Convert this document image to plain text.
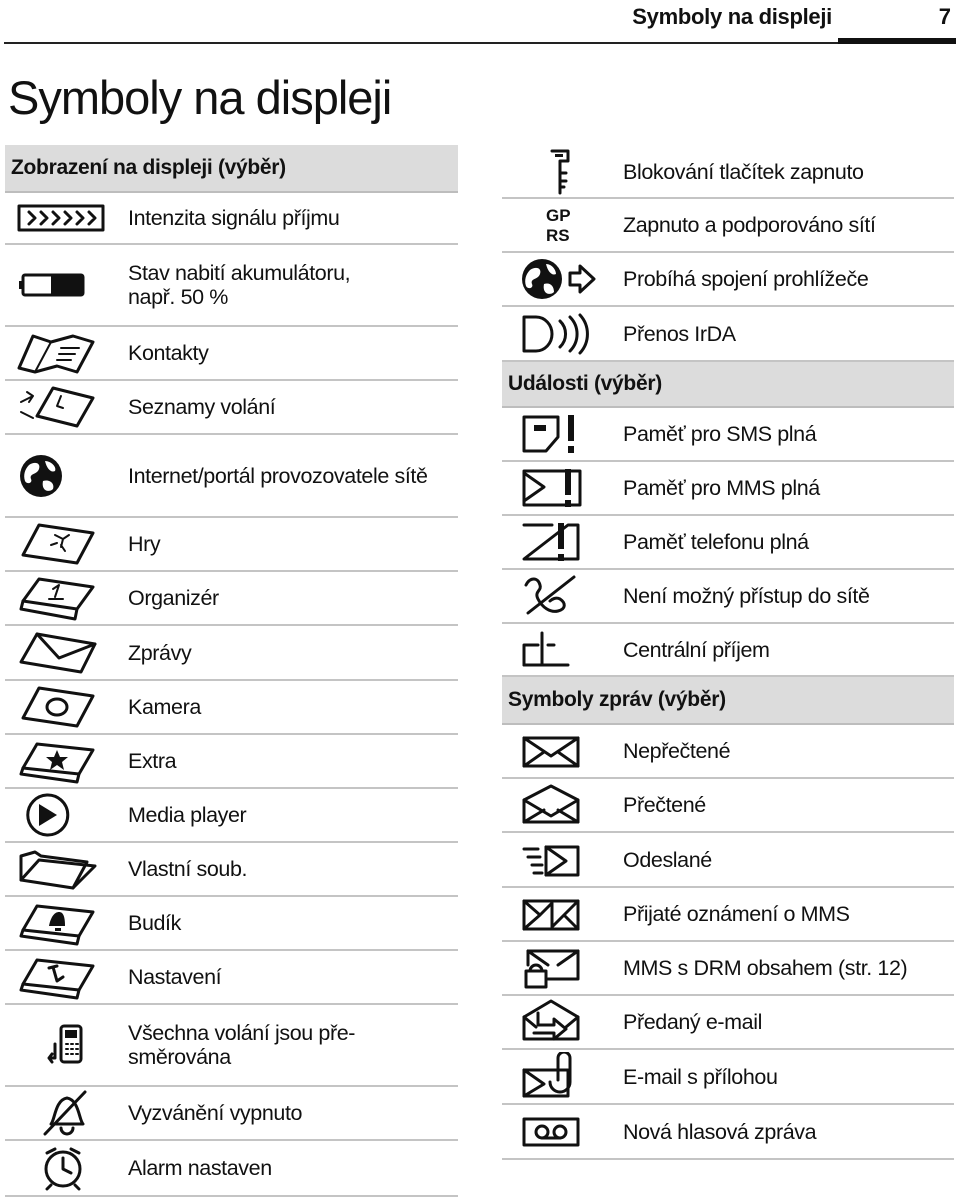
Symboly na displeji	7
Symboly na displeji
Zobrazení na displeji (výběr)
Intenzita signálu příjmu
Stav nabití akumulátoru, např. 50 %
Kontakty
Seznamy volání
Internet/portál provozovatele sítě
Hry
Organizér
Zprávy
Kamera
Extra
Media player
Vlastní soub.
Budík
Nastavení
Všechna volání jsou pře-směrována
Vyzvánění vypnuto
Alarm nastaven
Blokování tlačítek zapnuto
GP
RS Zapnuto a podporováno sítí
Probíhá spojení prohlížeče
Přenos IrDA
Události (výběr)
Paměť pro SMS plná
Paměť pro MMS plná
Paměť telefonu plná
Není možný přístup do sítě
Centrální příjem
Symboly zpráv (výběr)
Nepřečtené
Přečtené
Odeslané
Přijaté oznámení o MMS
MMS s DRM obsahem (str. 12)
Předaný e-mail
E-mail s přílohou
Nová hlasová zpráva
